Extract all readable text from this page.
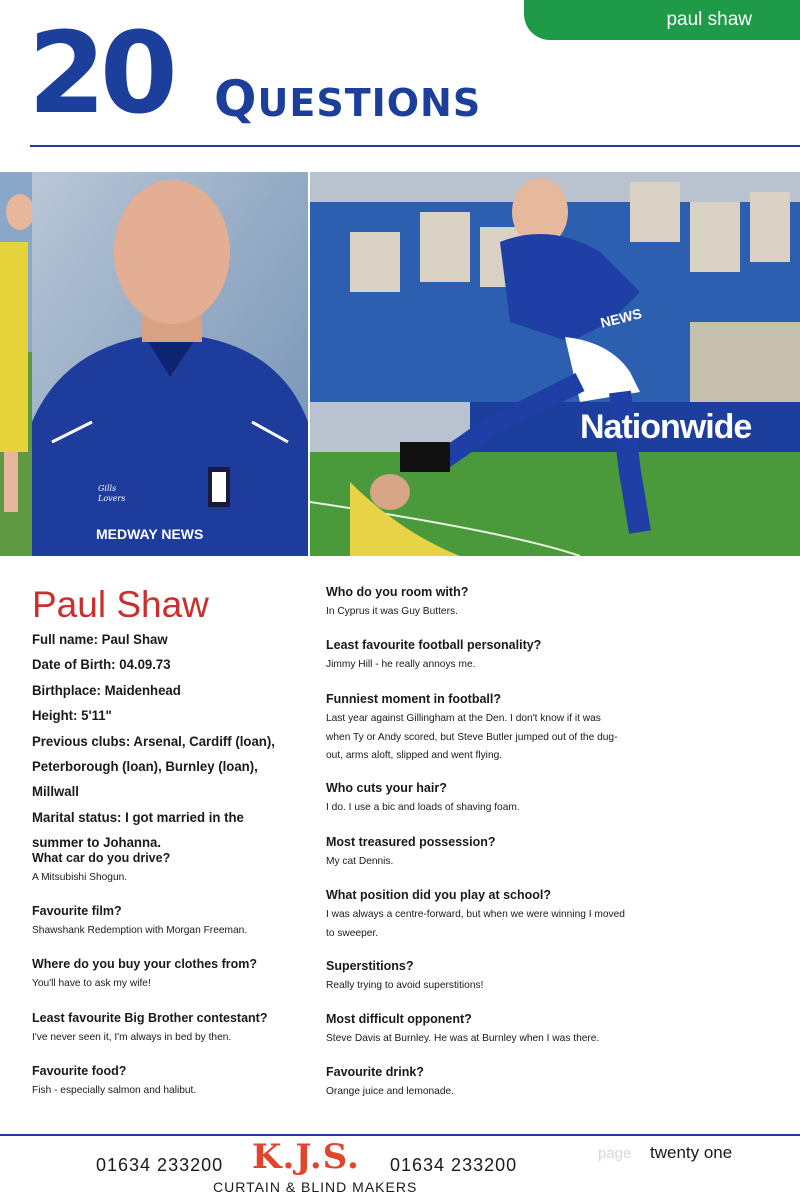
paul shaw
20 QUESTIONS
NEWS
Nationwide
MEDWAY NEWS
Gills Lovers
Paul Shaw
Full name: Paul Shaw
Date of Birth: 04.09.73
Birthplace: Maidenhead
Height: 5'11"
Previous clubs: Arsenal, Cardiff (loan), Peterborough (loan), Burnley (loan), Millwall
Marital status: I got married in the summer to Johanna.
What car do you drive?
A Mitsubishi Shogun.
Favourite film?
Shawshank Redemption with Morgan Freeman.
Where do you buy your clothes from?
You'll have to ask my wife!
Least favourite Big Brother contestant?
I've never seen it, I'm always in bed by then.
Favourite food?
Fish - especially salmon and halibut.
Who do you room with?
In Cyprus it was Guy Butters.
Least favourite football personality?
Jimmy Hill - he really annoys me.
Funniest moment in football?
Last year against Gillingham at the Den. I don't know if it was when Ty or Andy scored, but Steve Butler jumped out of the dug-out, arms aloft, slipped and went flying.
Who cuts your hair?
I do. I use a bic and loads of shaving foam.
Most treasured possession?
My cat Dennis.
What position did you play at school?
I was always a centre-forward, but when we were winning I moved to sweeper.
Superstitions?
Really trying to avoid superstitions!
Most difficult opponent?
Steve Davis at Burnley. He was at Burnley when I was there.
Favourite drink?
Orange juice and lemonade.
01634 233200 K.J.S. 01634 233200
CURTAIN & BLIND MAKERS
page twenty one
